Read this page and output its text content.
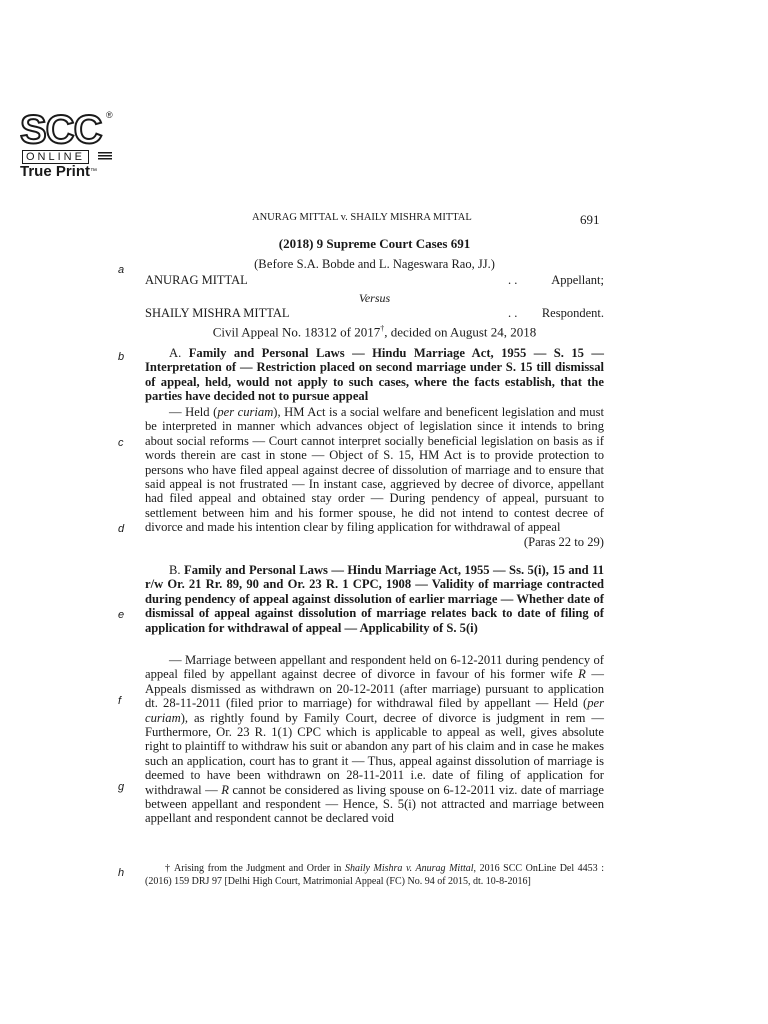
SCC ®
ONLINE
True Print™
a
b
c
d
e
f
g
h
ANURAG MITTAL v. SHAILY MISHRA MITTAL	691
(2018) 9 Supreme Court Cases 691
(Before S.A. Bobde and L. Nageswara Rao, JJ.)
ANURAG MITTAL	. .	Appellant;
Versus
SHAILY MISHRA MITTAL	. . Respondent.
Civil Appeal No. 18312 of 2017†, decided on August 24, 2018
A. Family and Personal Laws — Hindu Marriage Act, 1955 — S. 15 — Interpretation of — Restriction placed on second marriage under S. 15 till dismissal of appeal, held, would not apply to such cases, where the facts establish, that the parties have decided not to pursue appeal
— Held (per curiam), HM Act is a social welfare and beneficent legislation and must be interpreted in manner which advances object of legislation since it intends to bring about social reforms — Court cannot interpret socially beneficial legislation on basis as if words therein are cast in stone — Object of S. 15, HM Act is to provide protection to persons who have filed appeal against decree of dissolution of marriage and to ensure that said appeal is not frustrated — In instant case, aggrieved by decree of divorce, appellant had filed appeal and obtained stay order — During pendency of appeal, pursuant to settlement between him and his former spouse, he did not intend to contest decree of divorce and made his intention clear by filing application for withdrawal of appeal
(Paras 22 to 29)
B. Family and Personal Laws — Hindu Marriage Act, 1955 — Ss. 5(i), 15 and 11 r/w Or. 21 Rr. 89, 90 and Or. 23 R. 1 CPC, 1908 — Validity of marriage contracted during pendency of appeal against dissolution of earlier marriage — Whether date of dismissal of appeal against dissolution of marriage relates back to date of filing of application for withdrawal of appeal — Applicability of S. 5(i)
— Marriage between appellant and respondent held on 6-12-2011 during pendency of appeal filed by appellant against decree of divorce in favour of his former wife R — Appeals dismissed as withdrawn on 20-12-2011 (after marriage) pursuant to application dt. 28-11-2011 (filed prior to marriage) for withdrawal filed by appellant — Held (per curiam), as rightly found by Family Court, decree of divorce is judgment in rem — Furthermore, Or. 23 R. 1(1) CPC which is applicable to appeal as well, gives absolute right to plaintiff to withdraw his suit or abandon any part of his claim and in case he makes such an application, court has to grant it — Thus, appeal against dissolution of marriage is deemed to have been withdrawn on 28-11-2011 i.e. date of filing of application for withdrawal — R cannot be considered as living spouse on 6-12-2011 viz. date of marriage between appellant and respondent — Hence, S. 5(i) not attracted and marriage between appellant and respondent cannot be declared void
† Arising from the Judgment and Order in Shaily Mishra v. Anurag Mittal, 2016 SCC OnLine Del 4453 : (2016) 159 DRJ 97 [Delhi High Court, Matrimonial Appeal (FC) No. 94 of 2015, dt. 10-8-2016]
